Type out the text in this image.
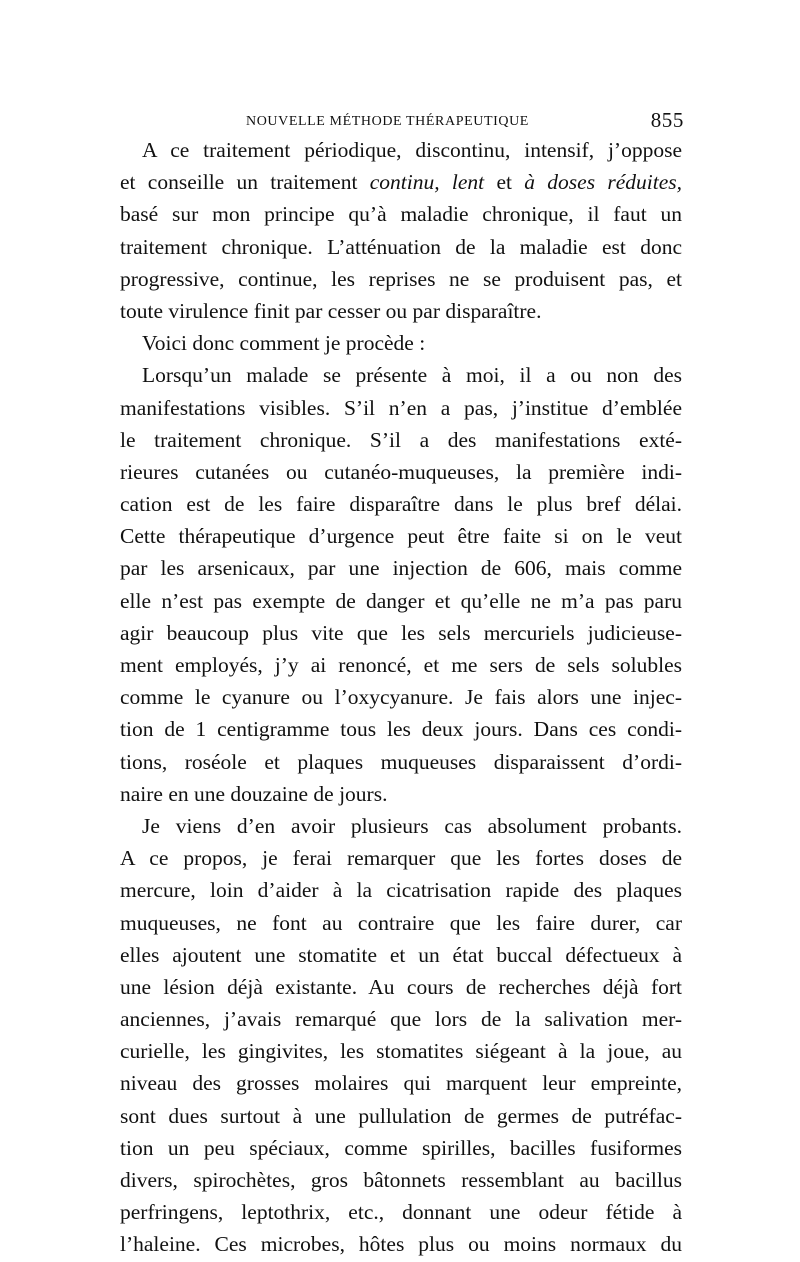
NOUVELLE MÉTHODE THÉRAPEUTIQUE	855
A ce traitement périodique, discontinu, intensif, j’oppose
et conseille un traitement continu, lent et à doses réduites,
basé sur mon principe qu’à maladie chronique, il faut un
traitement chronique. L’atténuation de la maladie est donc
progressive, continue, les reprises ne se produisent pas, et
toute virulence finit par cesser ou par disparaître.
Voici donc comment je procède :
Lorsqu’un malade se présente à moi, il a ou non des
manifestations visibles. S’il n’en a pas, j’institue d’emblée
le traitement chronique. S’il a des manifestations exté-
rieures cutanées ou cutanéo-muqueuses, la première indi-
cation est de les faire disparaître dans le plus bref délai.
Cette thérapeutique d’urgence peut être faite si on le veut
par les arsenicaux, par une injection de 606, mais comme
elle n’est pas exempte de danger et qu’elle ne m’a pas paru
agir beaucoup plus vite que les sels mercuriels judicieuse-
ment employés, j’y ai renoncé, et me sers de sels solubles
comme le cyanure ou l’oxycyanure. Je fais alors une injec-
tion de 1 centigramme tous les deux jours. Dans ces condi-
tions, roséole et plaques muqueuses disparaissent d’ordi-
naire en une douzaine de jours.
Je viens d’en avoir plusieurs cas absolument probants.
A ce propos, je ferai remarquer que les fortes doses de
mercure, loin d’aider à la cicatrisation rapide des plaques
muqueuses, ne font au contraire que les faire durer, car
elles ajoutent une stomatite et un état buccal défectueux à
une lésion déjà existante. Au cours de recherches déjà fort
anciennes, j’avais remarqué que lors de la salivation mer-
curielle, les gingivites, les stomatites siégeant à la joue, au
niveau des grosses molaires qui marquent leur empreinte,
sont dues surtout à une pullulation de germes de putréfac-
tion un peu spéciaux, comme spirilles, bacilles fusiformes
divers, spirochètes, gros bâtonnets ressemblant au bacillus
perfringens, leptothrix, etc., donnant une odeur fétide à
l’haleine. Ces microbes, hôtes plus ou moins normaux du
